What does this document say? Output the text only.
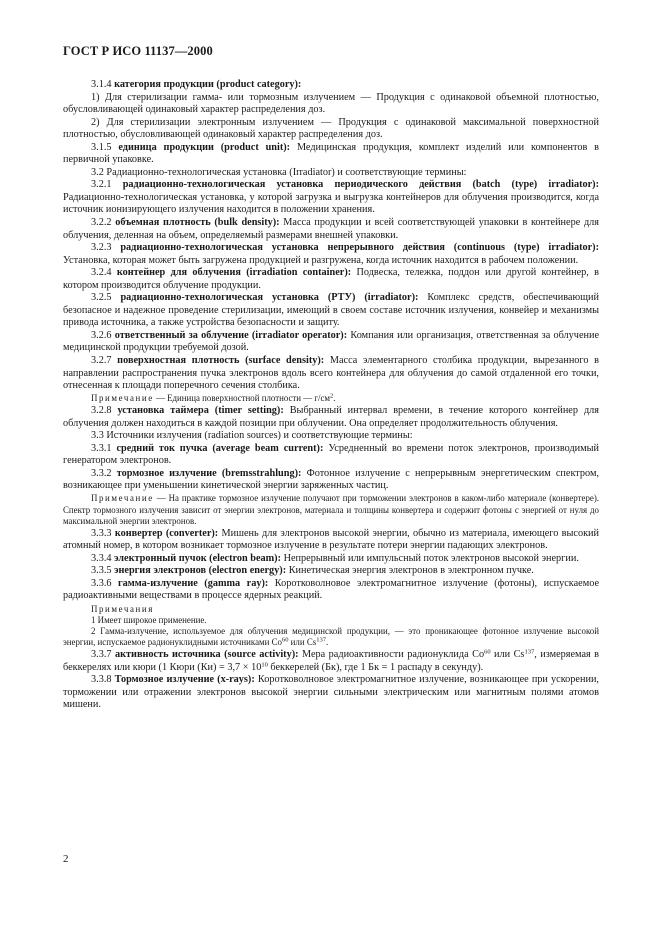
ГОСТ Р ИСО 11137—2000

3.1.4 категория продукции (product category):

1) Для стерилизации гамма- или тормозным излучением — Продукция с одинаковой объемной плотностью, обусловливающей одинаковый характер распределения доз.

2) Для стерилизации электронным излучением — Продукция с одинаковой максимальной поверхностной плотностью, обусловливающей одинаковый характер распределения доз.

3.1.5 единица продукции (product unit): Медицинская продукция, комплект изделий или компонентов в первичной упаковке.

3.2 Радиационно-технологическая установка (Irradiator) и соответствующие термины:

3.2.1 радиационно-технологическая установка периодического действия (batch (type) irradiator): Радиационно-технологическая установка, у которой загрузка и выгрузка контейнеров для облучения производится, когда источник ионизирующего излучения находится в положении хранения.

3.2.2 объемная плотность (bulk density): Масса продукции и всей соответствующей упаковки в контейнере для облучения, деленная на объем, определяемый размерами внешней упаковки.

3.2.3 радиационно-технологическая установка непрерывного действия (continuous (type) irradiator): Установка, которая может быть загружена продукцией и разгружена, когда источник находится в рабочем положении.

3.2.4 контейнер для облучения (irradiation container): Подвеска, тележка, поддон или другой контейнер, в котором производится облучение продукции.

3.2.5 радиационно-технологическая установка (РТУ) (irradiator): Комплекс средств, обеспечивающий безопасное и надежное проведение стерилизации, имеющий в своем составе источник излучения, конвейер и механизмы привода источника, а также устройства безопасности и защиту.

3.2.6 ответственный за облучение (irradiator operator): Компания или организация, ответственная за облучение медицинской продукции требуемой дозой.

3.2.7 поверхностная плотность (surface density): Масса элементарного столбика продукции, вырезанного в направлении распространения пучка электронов вдоль всего контейнера для облучения до самой отдаленной его точки, отнесенная к площади поперечного сечения столбика.

Примечание — Единица поверхностной плотности — $г/см^2$.

3.2.8 установка таймера (timer setting): Выбранный интервал времени, в течение которого контейнер для облучения должен находиться в каждой позиции при облучении. Она определяет продолжительность облучения.

3.3 Источники излучения (radiation sources) и соответствующие термины:

3.3.1 средний ток пучка (average beam current): Усредненный во времени поток электронов, производимый генератором электронов.

3.3.2 тормозное излучение (bremsstrahlung): Фотонное излучение с непрерывным энергетическим спектром, возникающее при уменьшении кинетической энергии заряженных частиц.

Примечание — На практике тормозное излучение получают при торможении электронов в каком-либо материале (конвертере). Спектр тормозного излучения зависит от энергии электронов, материала и толщины конвертера и содержит фотоны с энергией от нуля до максимальной энергии электронов.

3.3.3 конвертер (converter): Мишень для электронов высокой энергии, обычно из материала, имеющего высокий атомный номер, в котором возникает тормозное излучение в результате потери энергии падающих электронов.

3.3.4 электронный пучок (electron beam): Непрерывный или импульсный поток электронов высокой энергии.

3.3.5 энергия электронов (electron energy): Кинетическая энергия электронов в электронном пучке.

3.3.6 гамма-излучение (gamma ray): Коротковолновое электромагнитное излучение (фотоны), испускаемое радиоактивными веществами в процессе ядерных реакций.

Примечания

1 Имеет широкое применение.

2 Гамма-излучение, используемое для облучения медицинской продукции, — это проникающее фотонное излучение высокой энергии, испускаемое радионуклидными источниками Co$^{60}$ или Cs$^{137}$.

3.3.7 активность источника (source activity): Мера радиоактивности радионуклида Co$^{60}$ или Cs$^{137}$, измеряемая в беккерелях или кюри (1 Кюри $(Ки) = 3,7 \times 10^{10}$ беккерелей (Бк), где 1 Бк = 1 распаду в секунду).

3.3.8 Тормозное излучение (x-rays): Коротковолновое электромагнитное излучение, возникающее при ускорении, торможении или отражении электронов высокой энергии сильными электрическим или магнитным полями атомов мишени.

2
